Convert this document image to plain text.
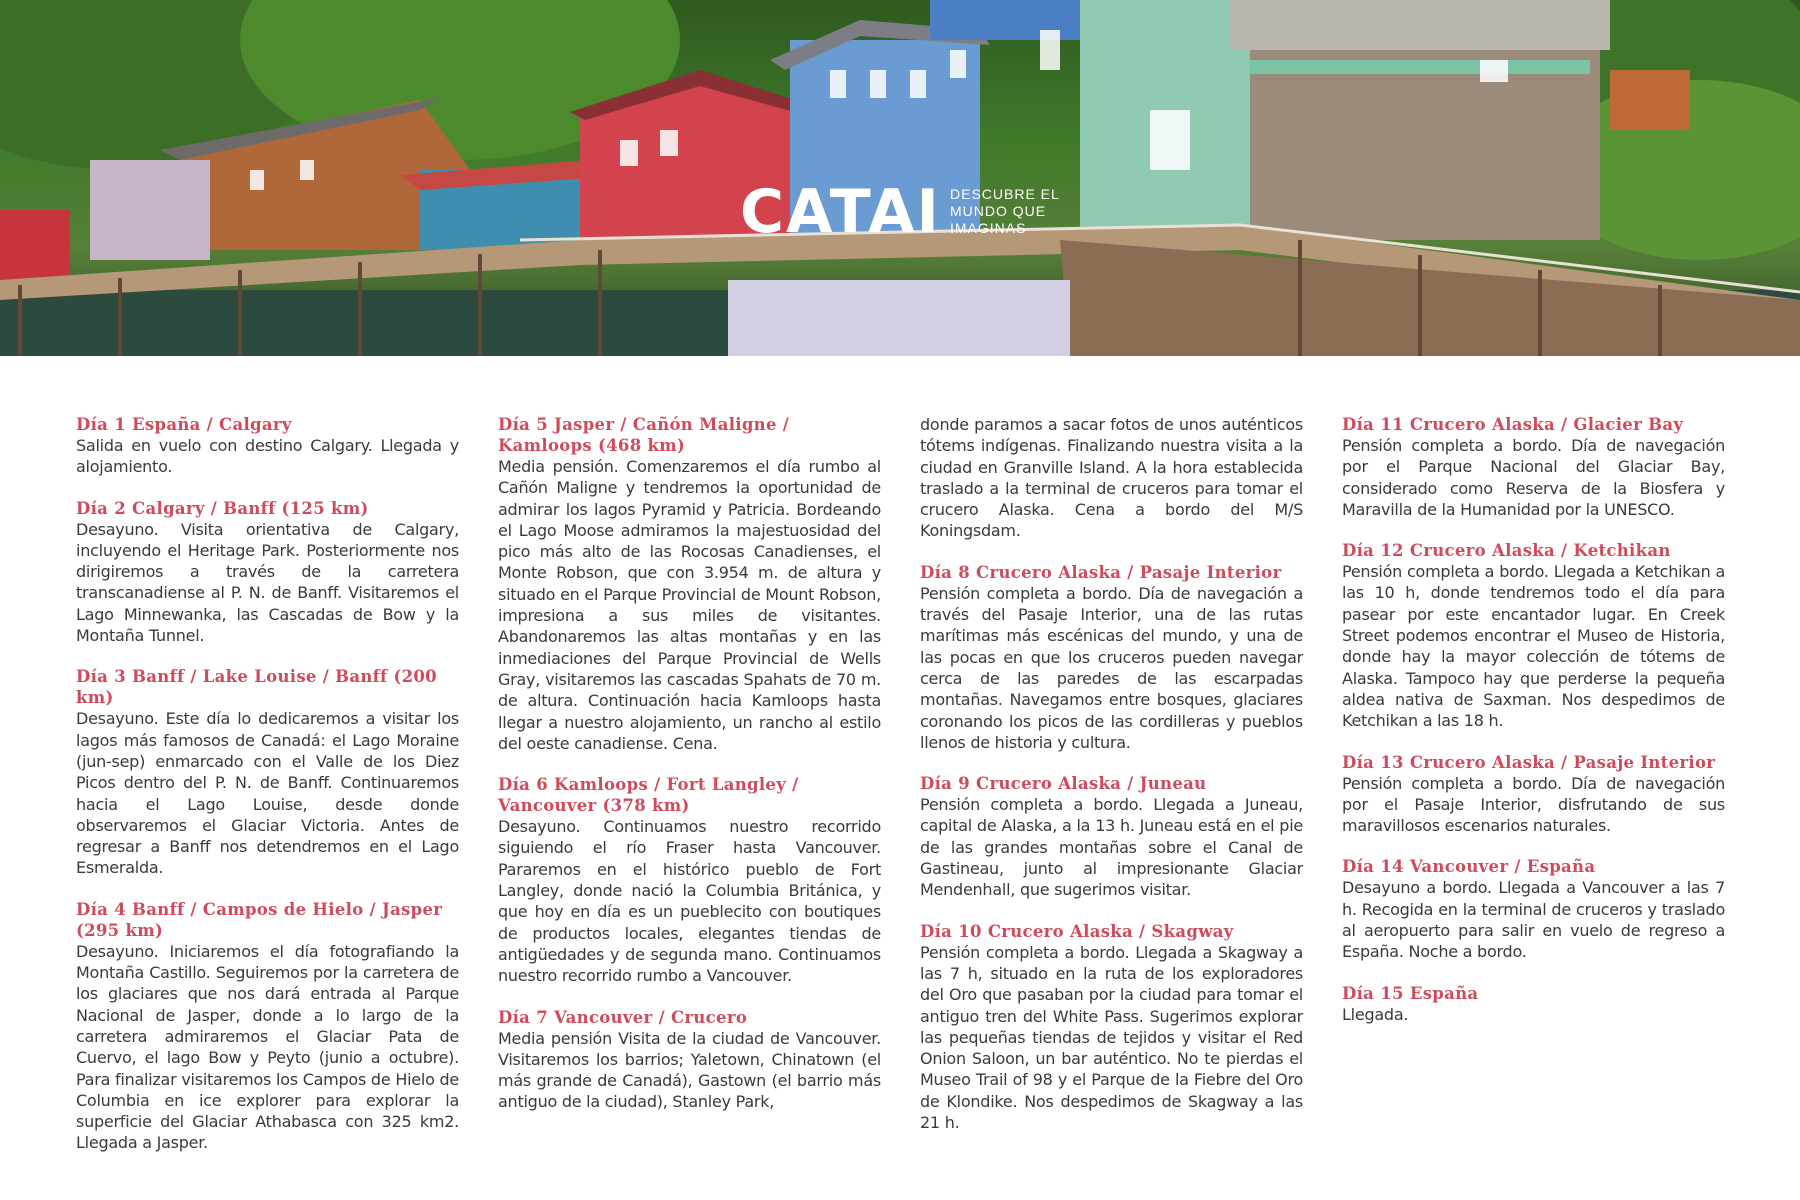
CATAI DESCUBRE EL MUNDO QUE IMAGINAS

Día 1 España / Calgary

Salida en vuelo con destino Calgary. Llegada y alojamiento.

Día 2 Calgary / Banff (125 km)

Desayuno. Visita orientativa de Calgary, incluyendo el Heritage Park. Posteriormente nos dirigiremos a través de la carretera transcanadiense al P. N. de Banff. Visitaremos el Lago Minnewanka, las Cascadas de Bow y la Montaña Tunnel.

Día 3 Banff / Lake Louise / Banff (200 km)

Desayuno. Este día lo dedicaremos a visitar los lagos más famosos de Canadá: el Lago Moraine (jun-sep) enmarcado con el Valle de los Diez Picos dentro del P. N. de Banff. Continuaremos hacia el Lago Louise, desde donde observaremos el Glaciar Victoria. Antes de regresar a Banff nos detendremos en el Lago Esmeralda.

Día 4 Banff / Campos de Hielo / Jasper (295 km)

Desayuno. Iniciaremos el día fotografiando la Montaña Castillo. Seguiremos por la carretera de los glaciares que nos dará entrada al Parque Nacional de Jasper, donde a lo largo de la carretera admiraremos el Glaciar Pata de Cuervo, el lago Bow y Peyto (junio a octubre). Para finalizar visitaremos los Campos de Hielo de Columbia en ice explorer para explorar la superficie del Glaciar Athabasca con 325 km2. Llegada a Jasper.

Día 5 Jasper / Cañón Maligne / Kamloops (468 km)

Media pensión. Comenzaremos el día rumbo al Cañón Maligne y tendremos la oportunidad de admirar los lagos Pyramid y Patricia. Bordeando el Lago Moose admiramos la majestuosidad del pico más alto de las Rocosas Canadienses, el Monte Robson, que con 3.954 m. de altura y situado en el Parque Provincial de Mount Robson, impresiona a sus miles de visitantes. Abandonaremos las altas montañas y en las inmediaciones del Parque Provincial de Wells Gray, visitaremos las cascadas Spahats de 70 m. de altura. Continuación hacia Kamloops hasta llegar a nuestro alojamiento, un rancho al estilo del oeste canadiense. Cena.

Día 6 Kamloops / Fort Langley / Vancouver (378 km)

Desayuno. Continuamos nuestro recorrido siguiendo el río Fraser hasta Vancouver. Pararemos en el histórico pueblo de Fort Langley, donde nació la Columbia Británica, y que hoy en día es un pueblecito con boutiques de productos locales, elegantes tiendas de antigüedades y de segunda mano. Continuamos nuestro recorrido rumbo a Vancouver.

Día 7 Vancouver / Crucero

Media pensión Visita de la ciudad de Vancouver. Visitaremos los barrios; Yaletown, Chinatown (el más grande de Canadá), Gastown (el barrio más antiguo de la ciudad), Stanley Park,

donde paramos a sacar fotos de unos auténticos tótems indígenas. Finalizando nuestra visita a la ciudad en Granville Island. A la hora establecida traslado a la terminal de cruceros para tomar el crucero Alaska. Cena a bordo del M/S Koningsdam.

Día 8 Crucero Alaska / Pasaje Interior

Pensión completa a bordo. Día de navegación a través del Pasaje Interior, una de las rutas marítimas más escénicas del mundo, y una de las pocas en que los cruceros pueden navegar cerca de las paredes de las escarpadas montañas. Navegamos entre bosques, glaciares coronando los picos de las cordilleras y pueblos llenos de historia y cultura.

Día 9 Crucero Alaska / Juneau

Pensión completa a bordo. Llegada a Juneau, capital de Alaska, a la 13 h. Juneau está en el pie de las grandes montañas sobre el Canal de Gastineau, junto al impresionante Glaciar Mendenhall, que sugerimos visitar.

Día 10 Crucero Alaska / Skagway

Pensión completa a bordo. Llegada a Skagway a las 7 h, situado en la ruta de los exploradores del Oro que pasaban por la ciudad para tomar el antiguo tren del White Pass. Sugerimos explorar las pequeñas tiendas de tejidos y visitar el Red Onion Saloon, un bar auténtico. No te pierdas el Museo Trail of 98 y el Parque de la Fiebre del Oro de Klondike. Nos despedimos de Skagway a las 21 h.

Día 11 Crucero Alaska / Glacier Bay

Pensión completa a bordo. Día de navegación por el Parque Nacional del Glaciar Bay, considerado como Reserva de la Biosfera y Maravilla de la Humanidad por la UNESCO.

Día 12 Crucero Alaska / Ketchikan

Pensión completa a bordo. Llegada a Ketchikan a las 10 h, donde tendremos todo el día para pasear por este encantador lugar. En Creek Street podemos encontrar el Museo de Historia, donde hay la mayor colección de tótems de Alaska. Tampoco hay que perderse la pequeña aldea nativa de Saxman. Nos despedimos de Ketchikan a las 18 h.

Día 13 Crucero Alaska / Pasaje Interior

Pensión completa a bordo. Día de navegación por el Pasaje Interior, disfrutando de sus maravillosos escenarios naturales.

Día 14 Vancouver / España

Desayuno a bordo. Llegada a Vancouver a las 7 h. Recogida en la terminal de cruceros y traslado al aeropuerto para salir en vuelo de regreso a España. Noche a bordo.

Día 15 España

Llegada.
